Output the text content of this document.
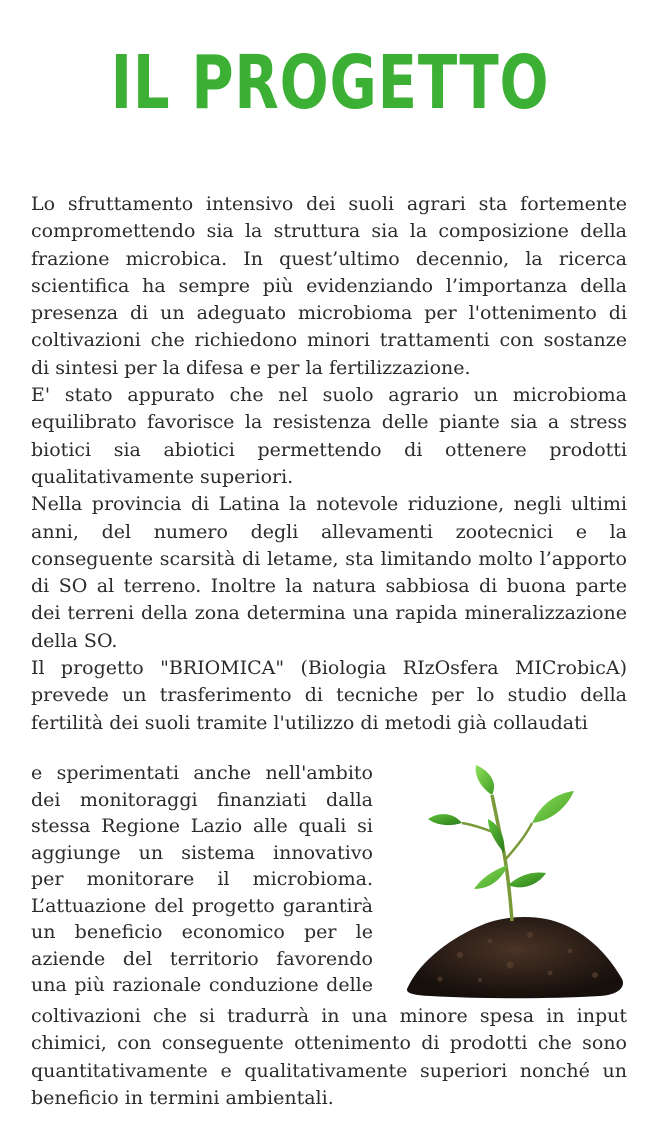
IL PROGETTO

Lo sfruttamento intensivo dei suoli agrari sta fortemente compromettendo sia la struttura sia la composizione della frazione microbica. In quest’ultimo decennio, la ricerca scientifica ha sempre più evidenziando l’importanza della presenza di un adeguato microbioma per l'ottenimento di coltivazioni che richiedono minori trattamenti con sostanze di sintesi per la difesa e per la fertilizzazione.

E' stato appurato che nel suolo agrario un microbioma equilibrato favorisce la resistenza delle piante sia a stress biotici sia abiotici permettendo di ottenere prodotti qualitativamente superiori.

Nella provincia di Latina la notevole riduzione, negli ultimi anni, del numero degli allevamenti zootecnici e la conseguente scarsità di letame, sta limitando molto l’apporto di SO al terreno. Inoltre la natura sabbiosa di buona parte dei terreni della zona determina una rapida mineralizzazione della SO.

Il progetto "BRIOMICA" (Biologia RIzOsfera MICrobicA) prevede un trasferimento di tecniche per lo studio della fertilità dei suoli tramite l'utilizzo di metodi già collaudati

e sperimentati anche nell'ambito
dei monitoraggi finanziati dalla
stessa Regione Lazio alle quali si
aggiunge un sistema innovativo
per monitorare il microbioma.
L’attuazione del progetto garantirà
un beneficio economico per le
aziende del territorio favorendo
una più razionale conduzione delle

coltivazioni che si tradurrà in una minore spesa in input chimici, con conseguente ottenimento di prodotti che sono quantitativamente e qualitativamente superiori nonché un beneficio in termini ambientali.
